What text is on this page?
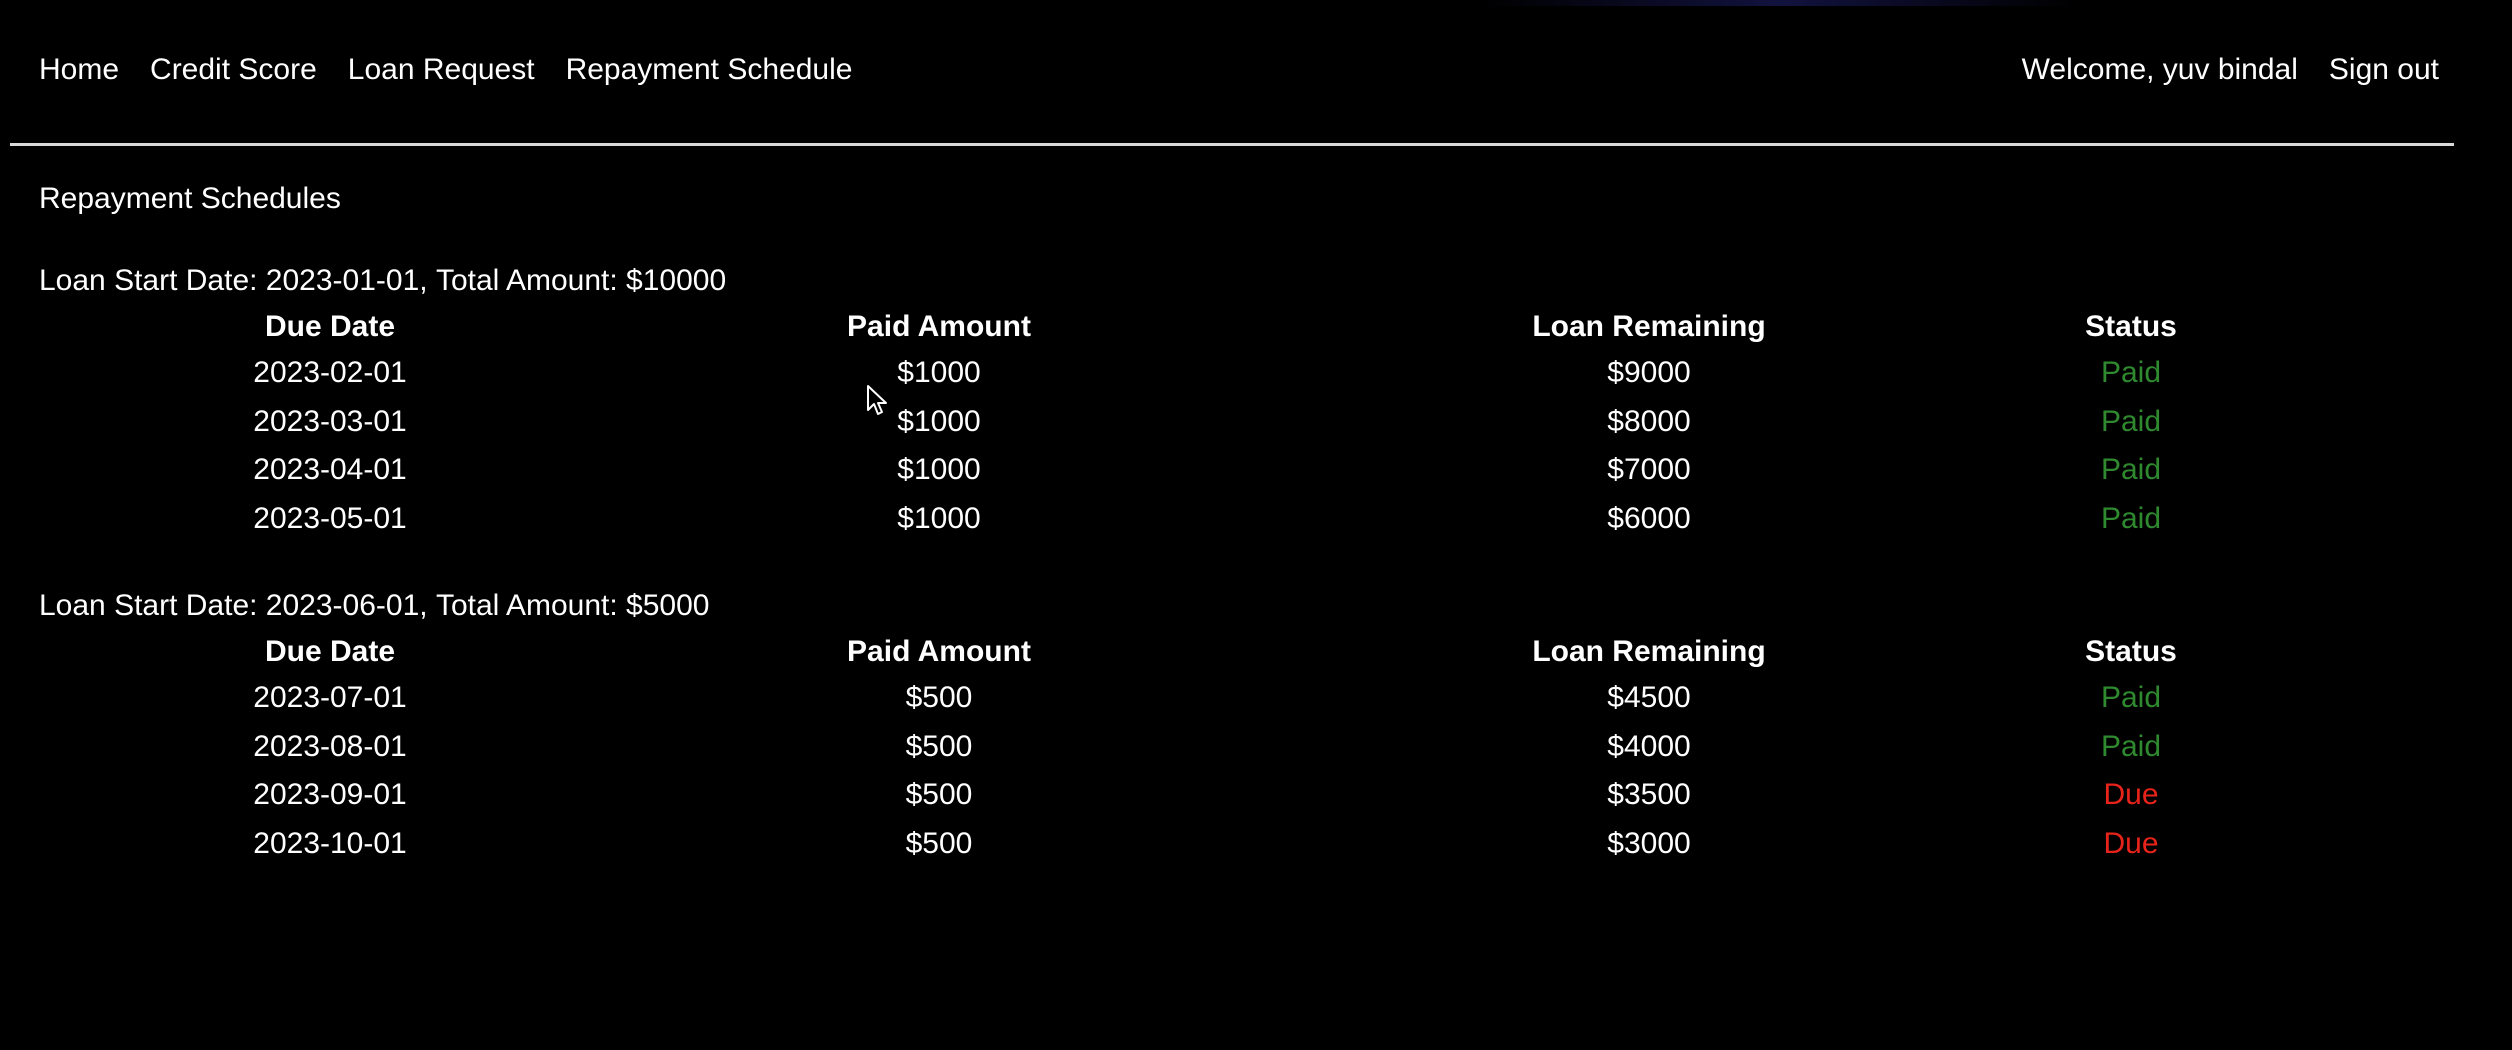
Home Credit Score Loan Request Repayment Schedule	Welcome, yuv bindal Sign out
Repayment Schedules
Loan Start Date: 2023-01-01 , Total Amount: $10000
Due Date	Paid Amount	Loan Remaining	Status
2023-02-01	$1000	$9000	Paid
2023-03-01	$1000	$8000	Paid
2023-04-01	$1000	$7000	Paid
2023-05-01	$1000	$6000	Paid
Loan Start Date: 2023-06-01 , Total Amount: $5000
Due Date	Paid Amount	Loan Remaining	Status
2023-07-01	$500	$4500	Paid
2023-08-01	$500	$4000	Paid
2023-09-01	$500	$3500	Due
2023-10-01	$500	$3000	Due
